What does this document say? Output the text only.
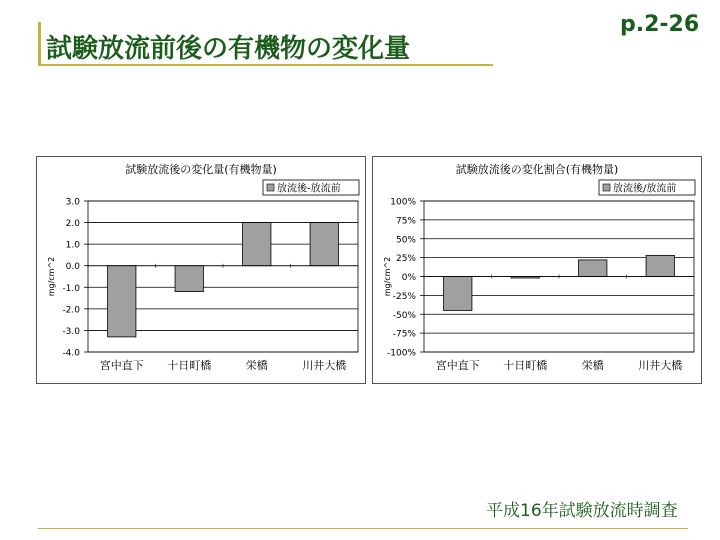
試験放流前後の有機物の変化量
p.2-26
試験放流後の変化量(有機物量)
放流後-放流前
3.0
2.0
1.0
0.0
-1.0
-2.0
-3.0
-4.0
mg/cm^2
宮中直下 十日町橋	栄橋	川井大橋
試験放流後の変化割合(有機物量)
放流後/放流前
100%
75%
50%
25%
0%
-25%
-50%
-75%
-100%
mg/cm^2
宮中直下 十日町橋	栄橋	川井大橋
平成16年試験放流時調査
